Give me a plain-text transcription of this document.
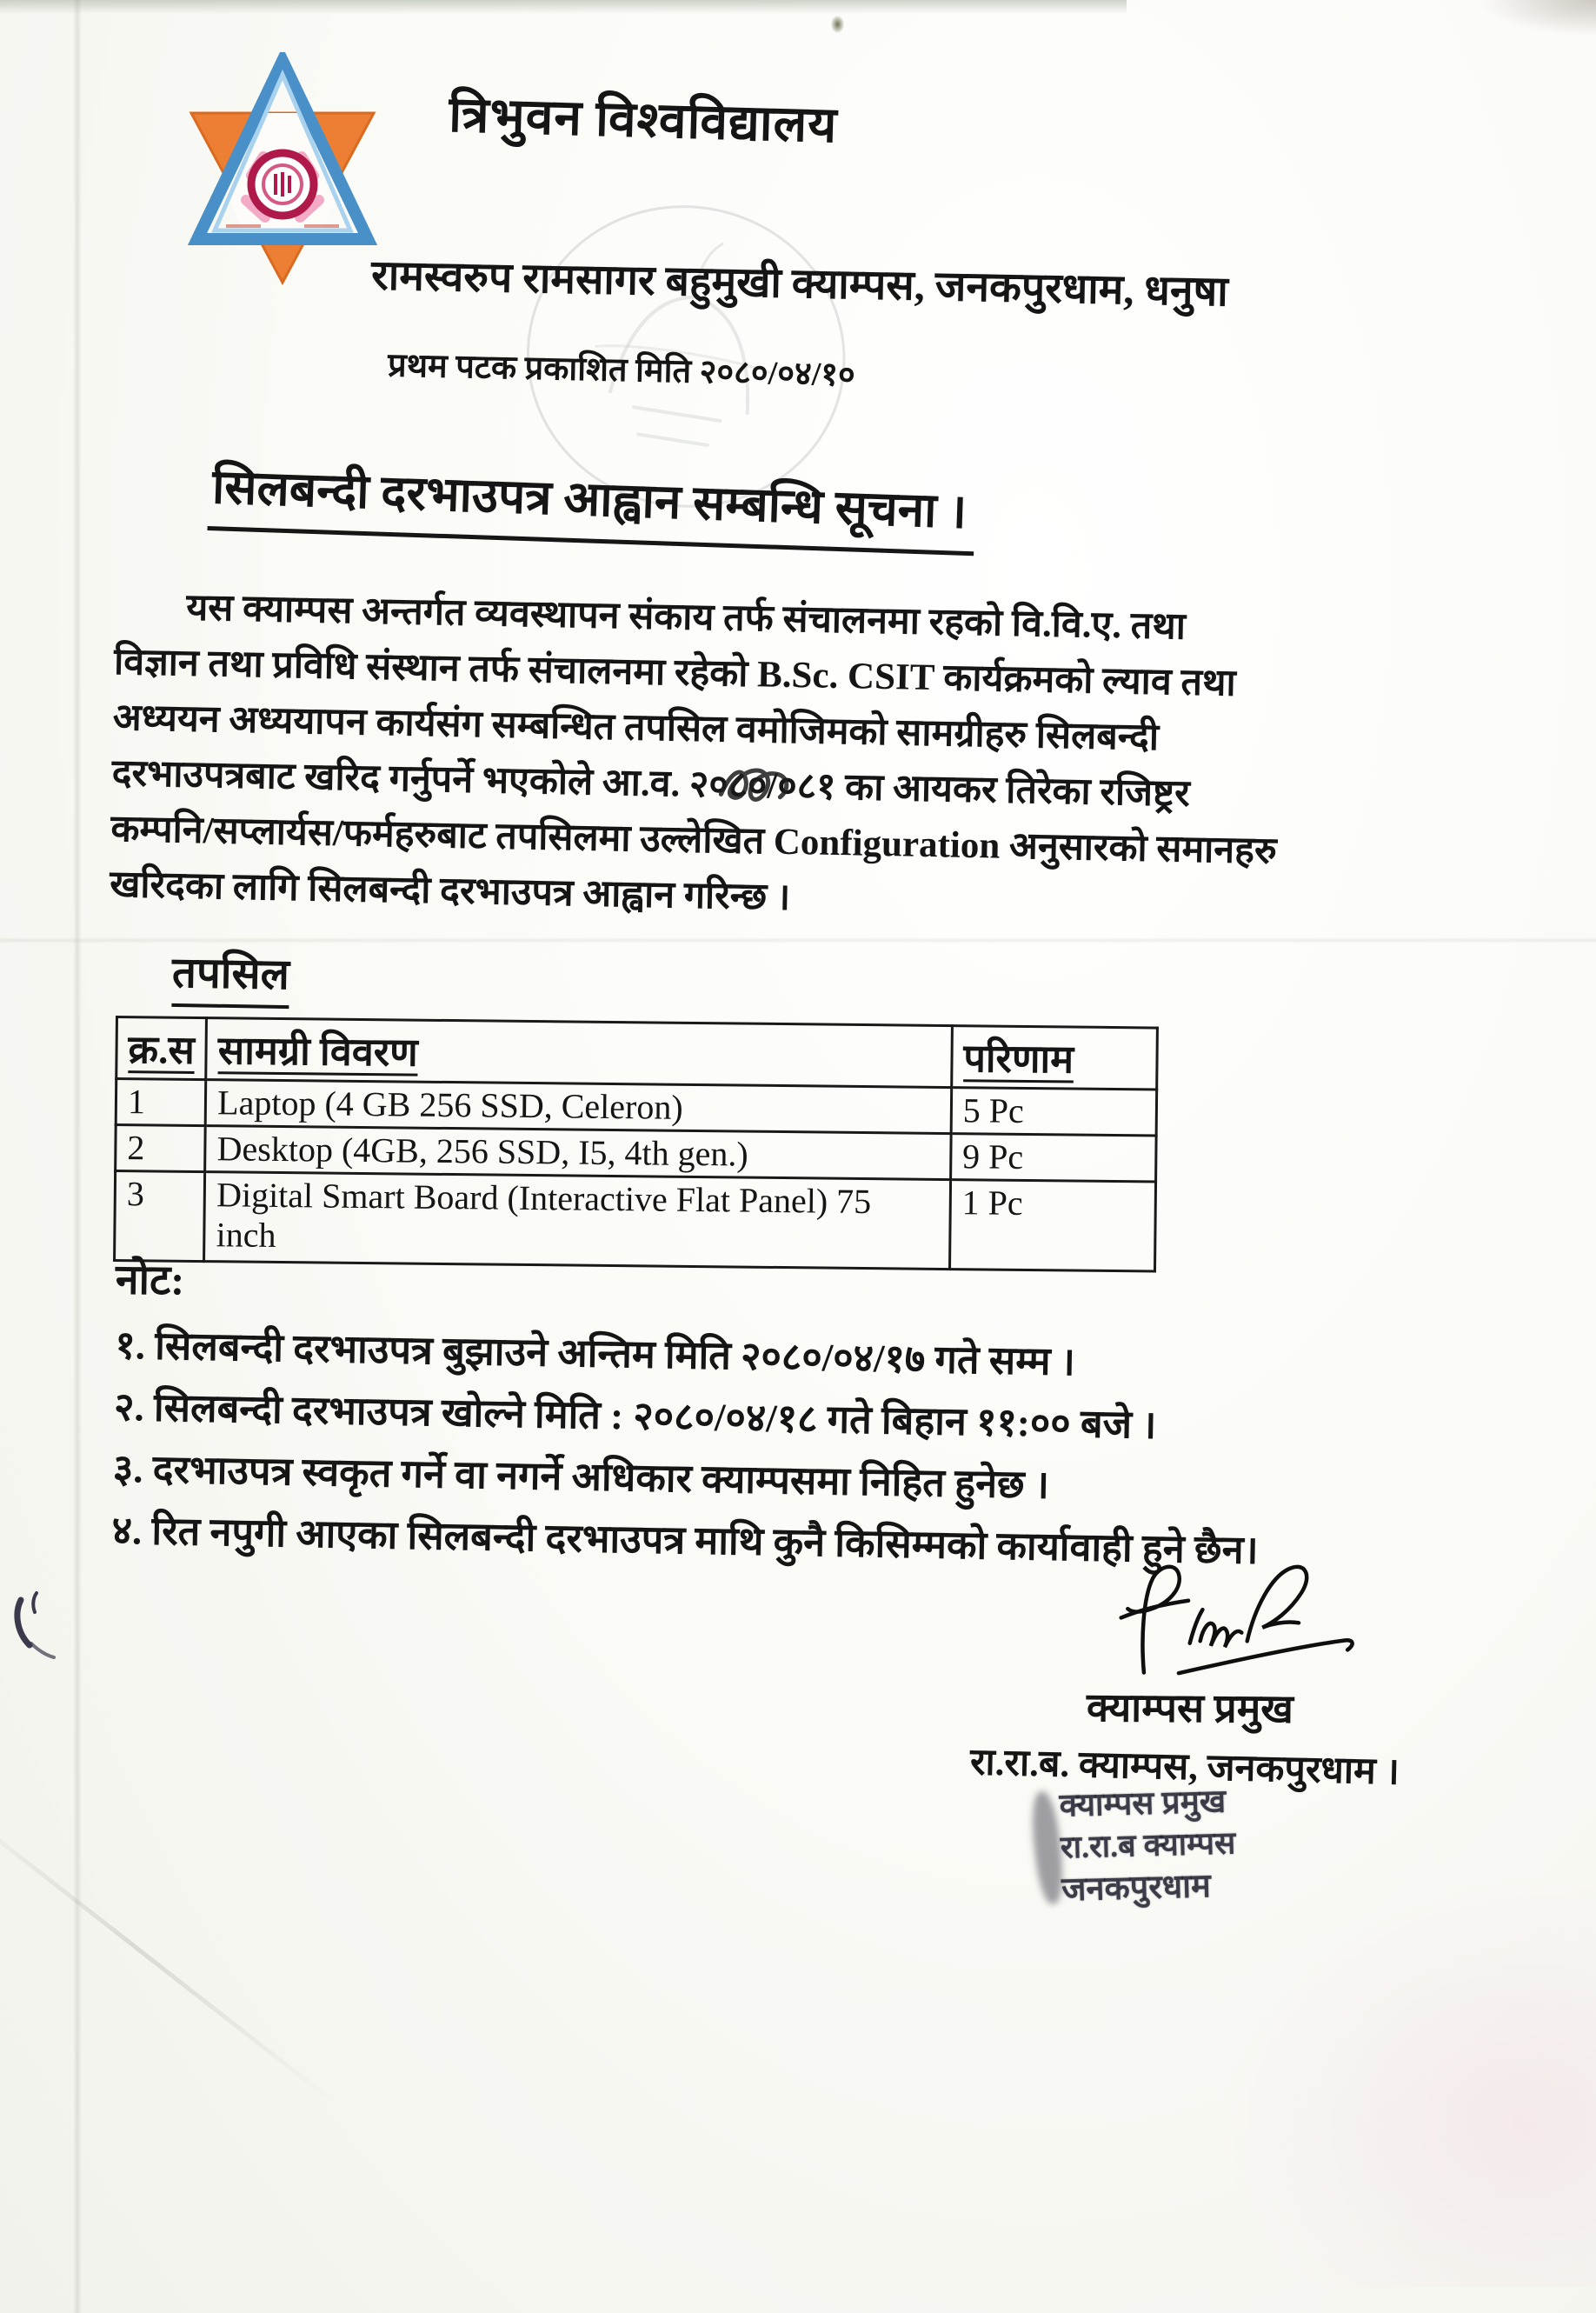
त्रिभुवन विश्वविद्यालय
रामस्वरुप रामसागर बहुमुखी क्याम्पस, जनकपुरधाम, धनुषा
प्रथम पटक प्रकाशित मिति २०८०/०४/१०
सिलबन्दी दरभाउपत्र आह्वान सम्बन्धि सूचना ।
यस क्याम्पस अन्तर्गत व्यवस्थापन संकाय तर्फ संचालनमा रहको वि.वि.ए. तथा
विज्ञान तथा प्रविधि संस्थान तर्फ संचालनमा रहेको B.Sc. CSIT कार्यक्रमको ल्याव तथा
अध्ययन अध्ययापन कार्यसंग सम्बन्धित तपसिल वमोजिमको सामग्रीहरु सिलबन्दी
दरभाउपत्रबाट खरिद गर्नुपर्ने भएकोले आ.व. २०८०
/०८१ का आयकर तिरेका रजिष्ट्रर
कम्पनि/सप्लार्यस/फर्महरुबाट तपसिलमा उल्लेखित Configuration अनुसारको समानहरु
खरिदका लागि सिलबन्दी दरभाउपत्र आह्वान गरिन्छ ।
तपसिल
क्र.स	सामग्री विवरण	परिणाम
1	Laptop (4 GB 256 SSD, Celeron)	5 Pc
2	Desktop (4GB, 256 SSD, I5, 4th gen.)	9 Pc
3	Digital Smart Board (Interactive Flat Panel) 75 inch	1 Pc
नोट:
१. सिलबन्दी दरभाउपत्र बुझाउने अन्तिम मिति २०८०/०४/१७ गते सम्म ।
२. सिलबन्दी दरभाउपत्र खोल्ने मिति : २०८०/०४/१८ गते बिहान ११:०० बजे ।
३. दरभाउपत्र स्वकृत गर्ने वा नगर्ने अधिकार क्याम्पसमा निहित हुनेछ ।
४. रित नपुगी आएका सिलबन्दी दरभाउपत्र माथि कुनै किसिम्मको कार्यावाही हुने छैन।
क्याम्पस प्रमुख
रा.रा.ब. क्याम्पस, जनकपुरधाम ।
क्याम्पस प्रमुख
रा.रा.ब क्याम्पस
जनकपुरधाम
